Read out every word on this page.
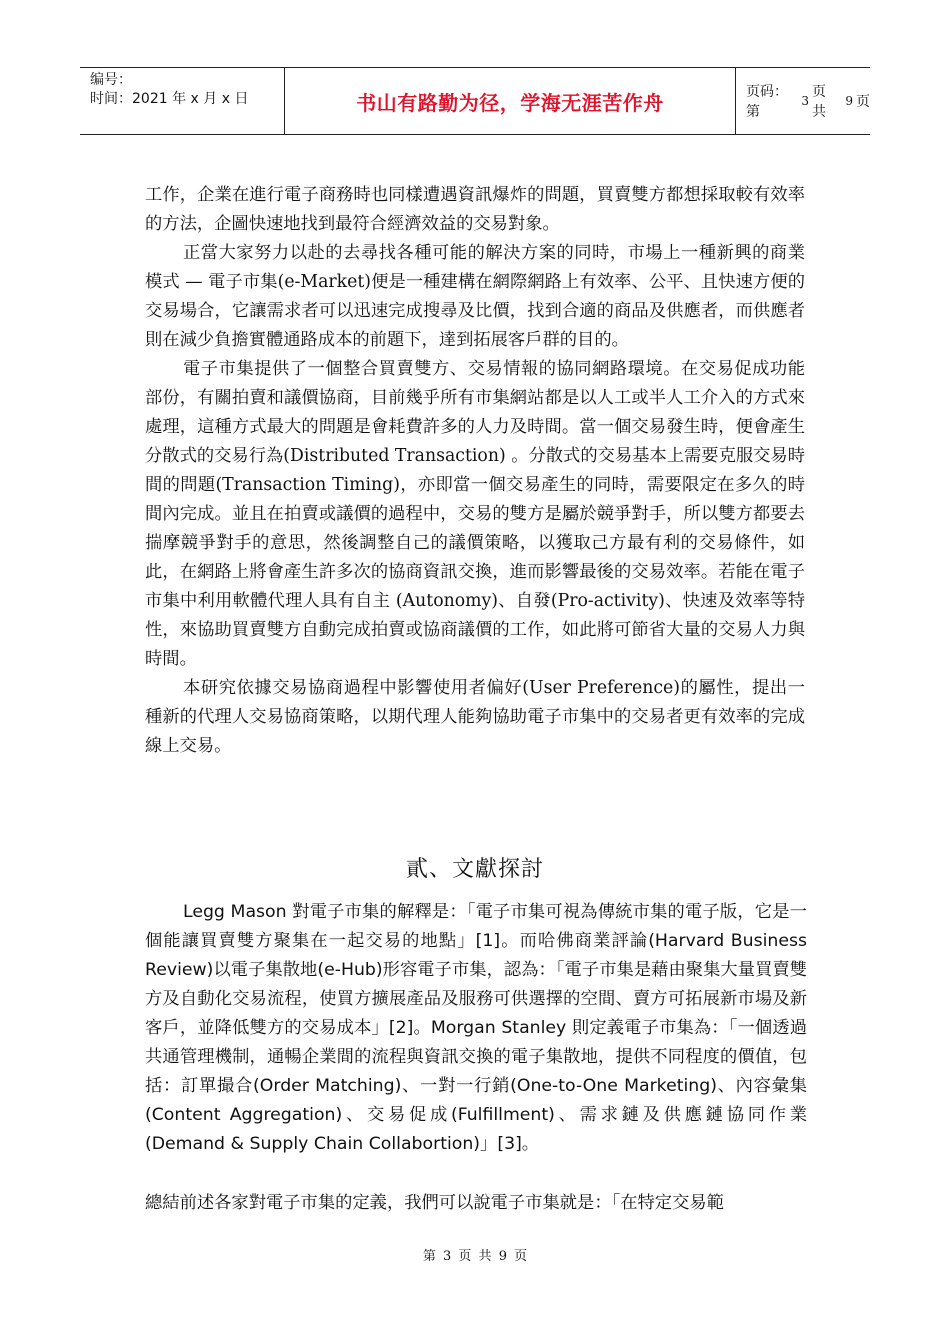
编号：
时间：2021 年 x 月 x 日	书山有路勤为径，学海无涯苦作舟	页码：第
3
页 共
9 页

工作，企業在進行電子商務時也同樣遭遇資訊爆炸的問題，買賣雙方都想採取較有效率的方法，企圖快速地找到最符合經濟效益的交易對象。

正當大家努力以赴的去尋找各種可能的解決方案的同時，市場上一種新興的商業模式 — 電子市集(e-Market)便是一種建構在網際網路上有效率、公平、且快速方便的交易場合，它讓需求者可以迅速完成搜尋及比價，找到合適的商品及供應者，而供應者則在減少負擔實體通路成本的前題下，達到拓展客戶群的目的。

電子市集提供了一個整合買賣雙方、交易情報的協同網路環境。在交易促成功能部份，有關拍賣和議價協商，目前幾乎所有市集網站都是以人工或半人工介入的方式來處理，這種方式最大的問題是會耗費許多的人力及時間。當一個交易發生時，便會產生分散式的交易行為(Distributed Transaction) 。分散式的交易基本上需要克服交易時間的問題(Transaction Timing)，亦即當一個交易產生的同時，需要限定在多久的時間內完成。並且在拍賣或議價的過程中，交易的雙方是屬於競爭對手，所以雙方都要去揣摩競爭對手的意思，然後調整自己的議價策略，以獲取己方最有利的交易條件，如此，在網路上將會產生許多次的協商資訊交換，進而影響最後的交易效率。若能在電子市集中利用軟體代理人具有自主 (Autonomy)、自發(Pro-activity)、快速及效率等特性，來協助買賣雙方自動完成拍賣或協商議價的工作，如此將可節省大量的交易人力與時間。

本研究依據交易協商過程中影響使用者偏好(User Preference)的屬性，提出一種新的代理人交易協商策略，以期代理人能夠協助電子市集中的交易者更有效率的完成線上交易。

貳、文獻探討

Legg Mason 對電子市集的解釋是：「電子市集可視為傳統市集的電子版，它是一個能讓買賣雙方聚集在一起交易的地點」[1]。而哈佛商業評論(Harvard Business Review)以電子集散地(e-Hub)形容電子市集，認為：「電子市集是藉由聚集大量買賣雙方及自動化交易流程，使買方擴展產品及服務可供選擇的空間、賣方可拓展新市場及新客戶，並降低雙方的交易成本」[2]。Morgan Stanley 則定義電子市集為：「一個透過共通管理機制，通暢企業間的流程與資訊交換的電子集散地，提供不同程度的價值，包括：訂單撮合(Order Matching)、一對一行銷(One-to-One Marketing)、內容彙集(Content Aggregation)、交易促成(Fulfillment)、需求鏈及供應鏈協同作業(Demand & Supply Chain Collabortion)」[3]。

總結前述各家對電子市集的定義，我們可以說電子市集就是：「在特定交易範

第 3 页 共 9 页
